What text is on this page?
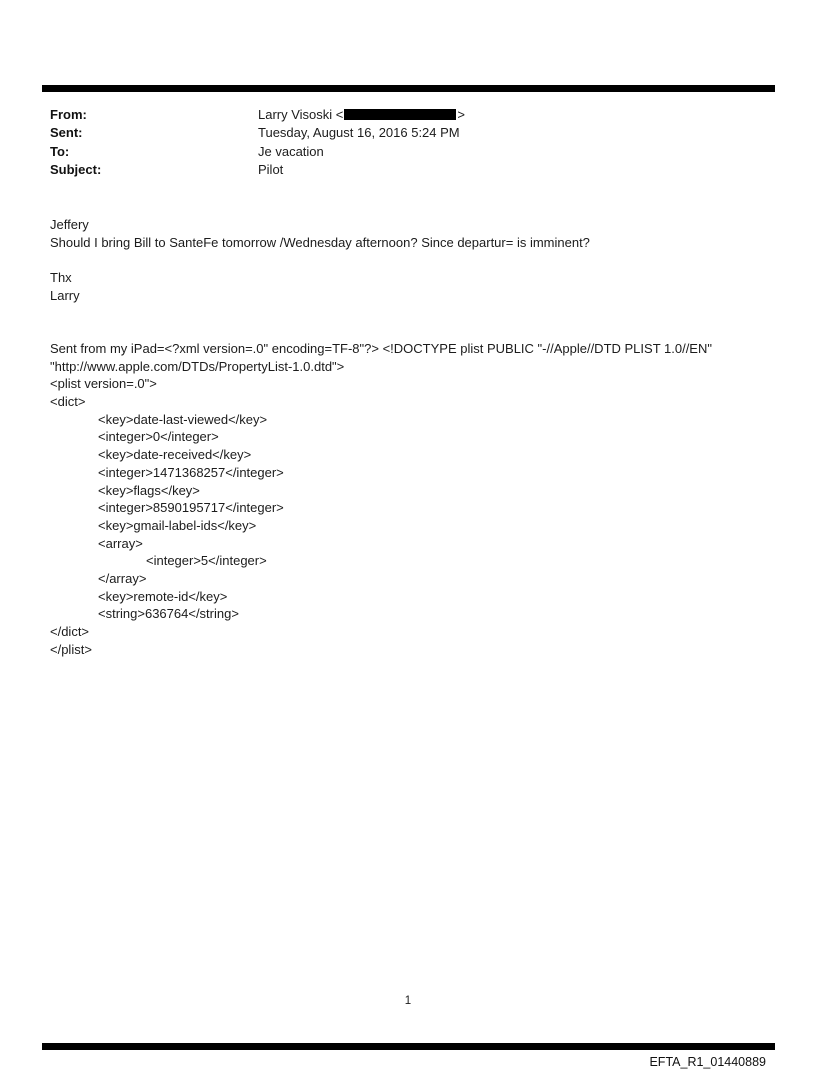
From:	Larry Visoski <	>
Sent:	Tuesday, August 16, 2016 5:24 PM
To:	Je vacation
Subject:	Pilot
Jeffery
Should I bring Bill to SanteFe tomorrow /Wednesday afternoon? Since departur= is imminent?
Thx
Larry
Sent from my iPad=<?xml version=.0" encoding=TF-8"?> <!DOCTYPE plist PUBLIC "-//Apple//DTD PLIST 1.0//EN" "http://www.apple.com/DTDs/PropertyList-1.0.dtd">
<plist version=.0">
<dict>
<key>date-last-viewed</key>
<integer>0</integer>
<key>date-received</key>
<integer>1471368257</integer>
<key>flags</key>
<integer>8590195717</integer>
<key>gmail-label-ids</key>
<array>
<integer>5</integer>
</array>
<key>remote-id</key>
<string>636764</string>
</dict>
</plist>
1
EFTA_R1_01440889
